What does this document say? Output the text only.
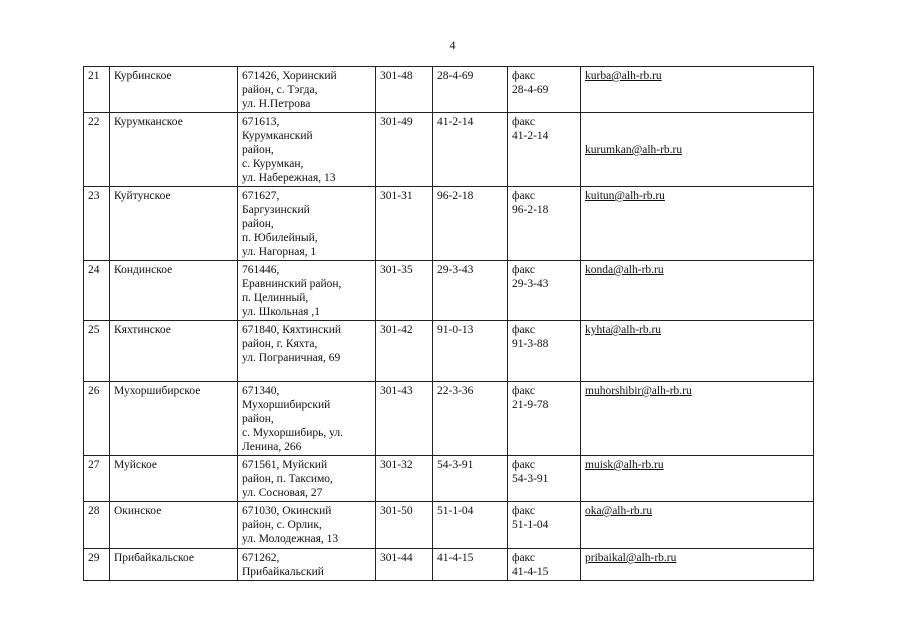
4
21	Курбинское	671426, Хоринский
район, с. Тэгда,
ул. Н.Петрова	301-48	28-4-69	факс
28-4-69	kurba@alh-rb.ru
22	Курумканское	671613,
Курумканский
район,
с. Курумкан,
ул. Набережная, 13	301-49	41-2-14	факс
41-2-14	kurumkan@alh-rb.ru
23	Куйтунское	671627,
Баргузинский
район,
п. Юбилейный,
ул. Нагорная, 1	301-31	96-2-18	факс
96-2-18	kuitun@alh-rb.ru
24	Кондинское	761446,
Еравнинский район,
п. Целинный,
ул. Школьная ,1	301-35	29-3-43	факс
29-3-43	konda@alh-rb.ru
25	Кяхтинское	671840, Кяхтинский
район, г. Кяхта,
ул. Пограничная, 69	301-42	91-0-13	факс
91-3-88	kyhta@alh-rb.ru
26	Мухоршибирское	671340,
Мухоршибирский
район,
с. Мухоршибирь, ул.
Ленина, 266	301-43	22-3-36	факс
21-9-78	muhorshibir@alh-rb.ru
27	Муйское	671561, Муйский
район, п. Таксимо,
ул. Сосновая, 27	301-32	54-3-91	факс
54-3-91	muisk@alh-rb.ru
28	Окинское	671030, Окинский
район, с. Орлик,
ул. Молодежная, 13	301-50	51-1-04	факс
51-1-04	oka@alh-rb.ru
29	Прибайкальское	671262,
Прибайкальский	301-44	41-4-15	факс
41-4-15	pribaikal@alh-rb.ru
